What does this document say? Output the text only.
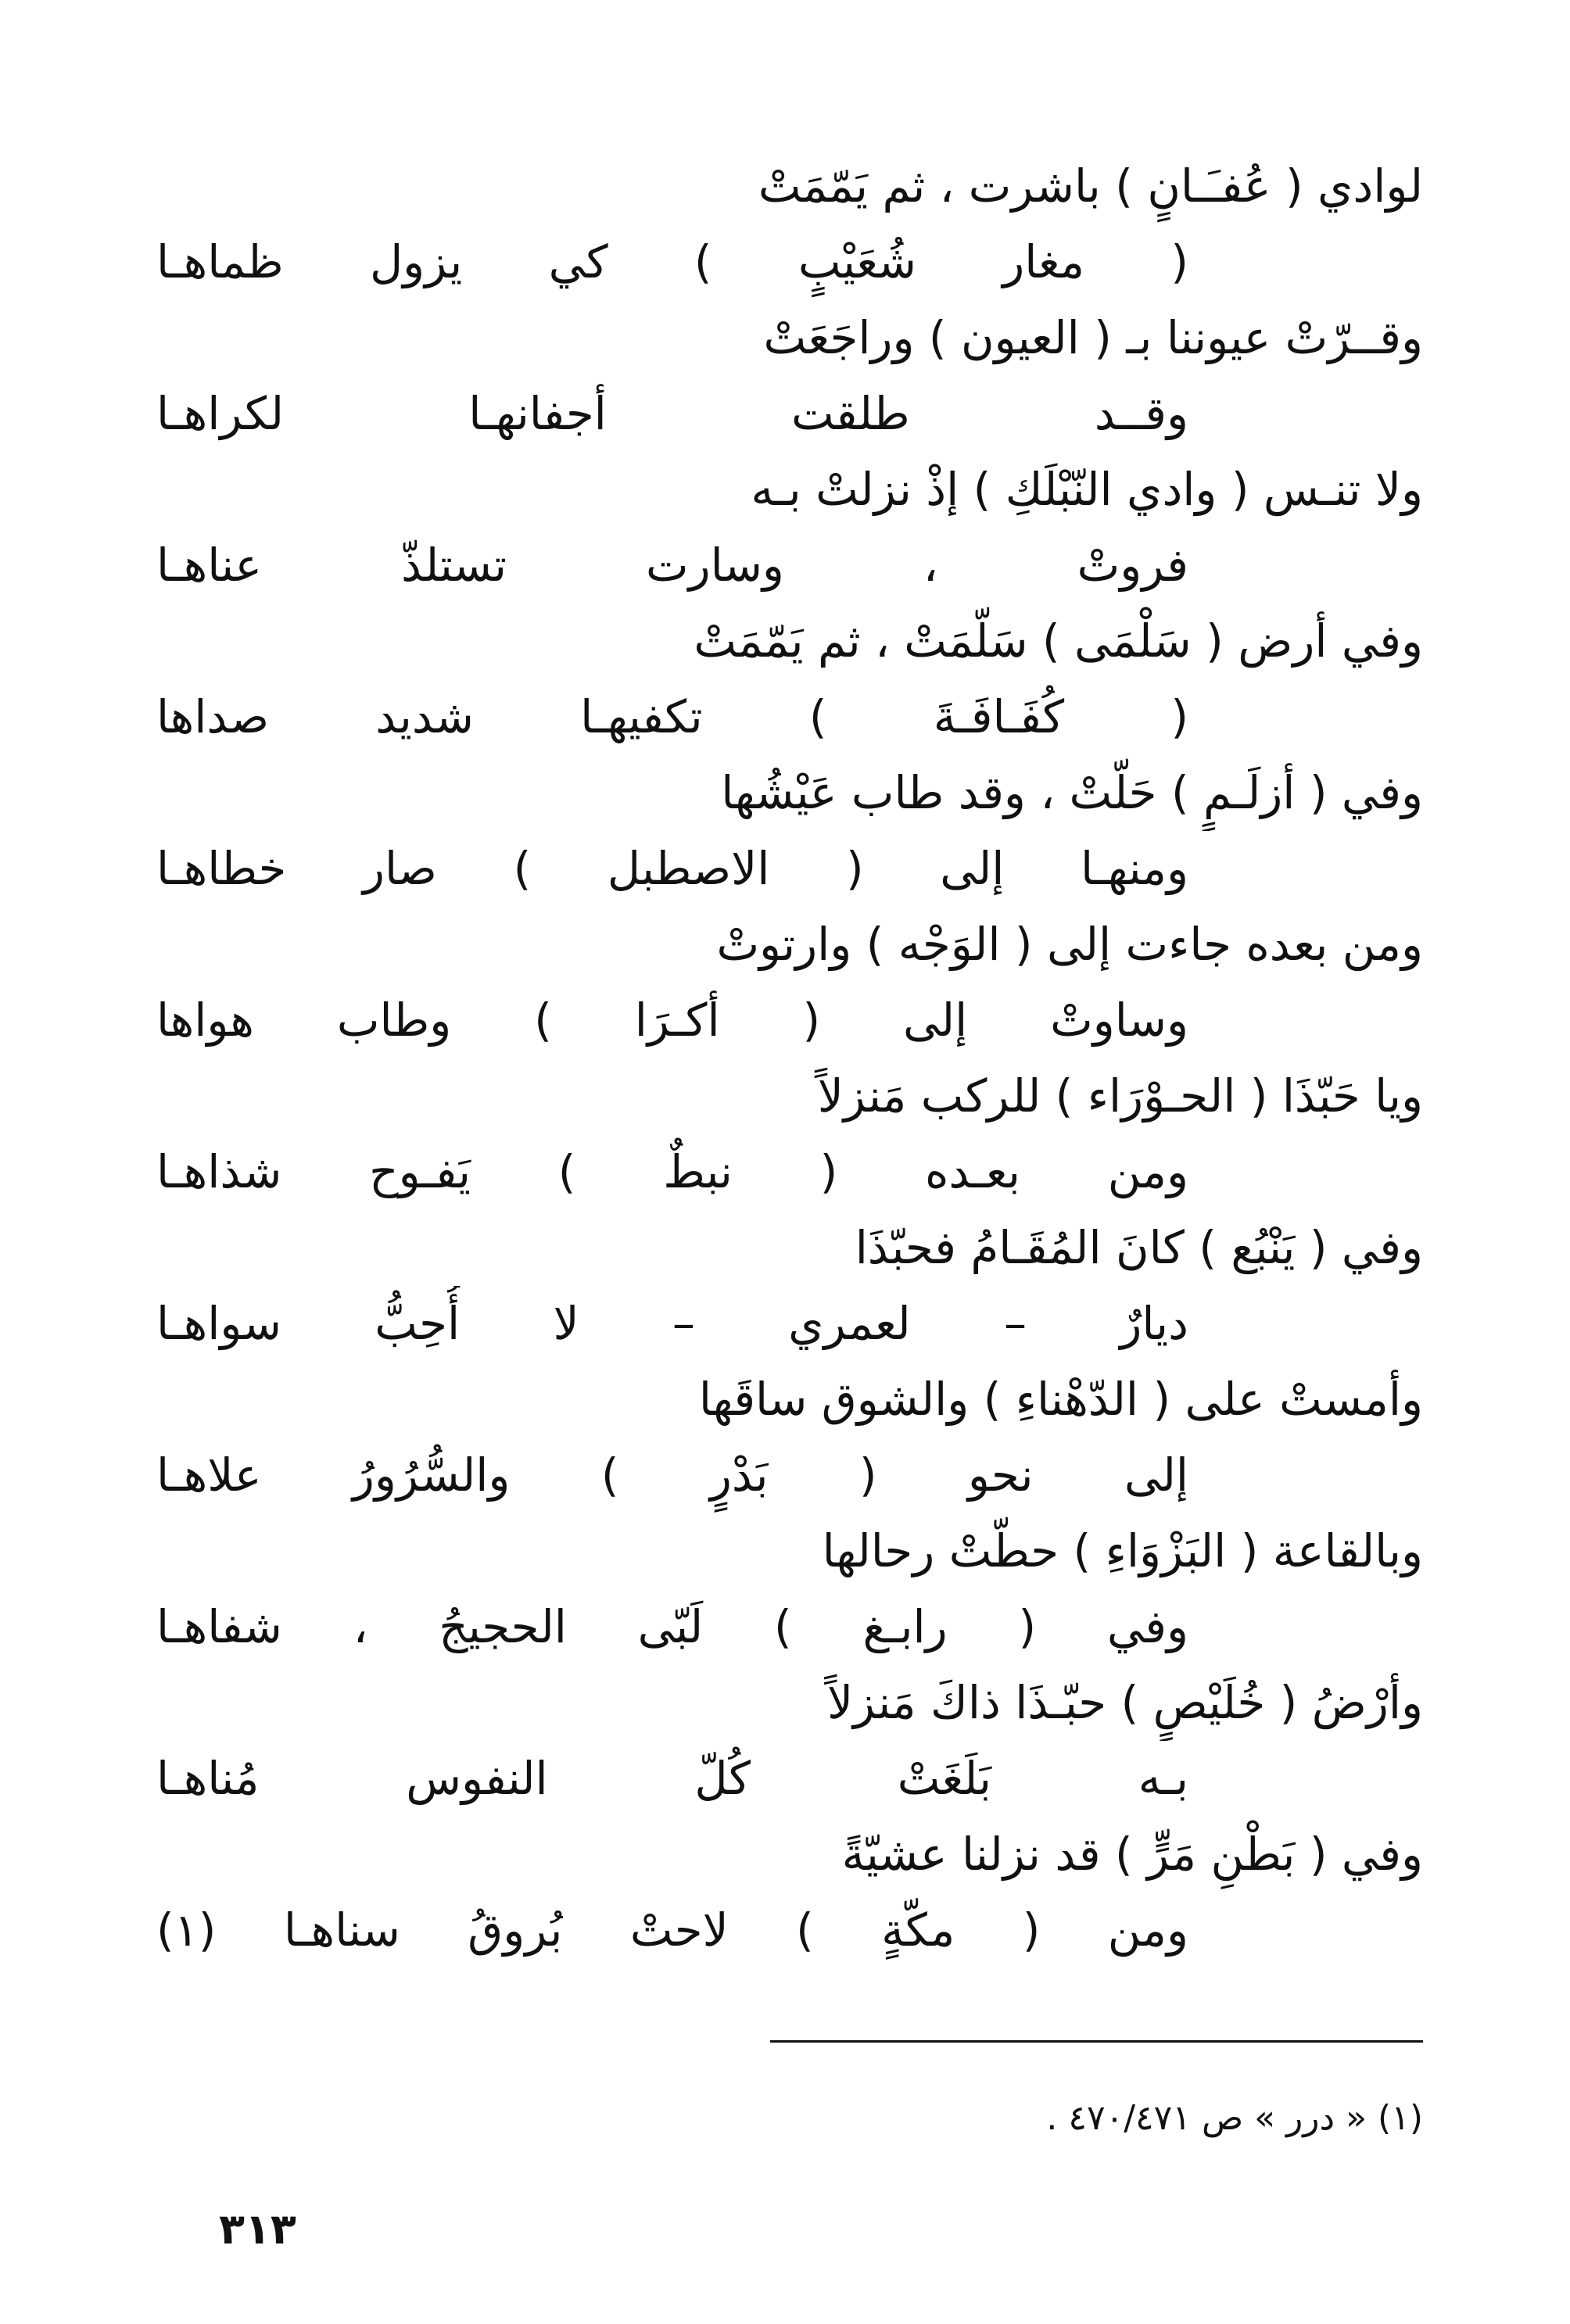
لوادي ( عُفـَـانٍ ) باشرت ، ثم يَمّمَتْ
( مغار شُعَيْبٍ ) كي يزول ظماهـا
وقــرّتْ عيوننا بـ ( العيون ) وراجَعَتْ
وقــد طلقت أجفانهـا لكراهـا
ولا تنـس ( وادي النّبْلَكِ ) إذْ نزلتْ بـه
فروتْ ، وسارت تستلذّ عناهـا
وفي أرض ( سَلْمَى ) سَلّمَتْ ، ثم يَمّمَتْ
( كُفَـافَـةَ ) تكفيهـا شديد صداها
وفي ( أزلَـمٍ ) حَلّتْ ، وقد طاب عَيْشُها
ومنهـا إلى ( الاصطبل ) صار خطاهـا
ومن بعده جاءت إلى ( الوَجْه ) وارتوتْ
وساوتْ إلى ( أكـرَا ) وطاب هواها
ويا حَبّذَا ( الحـوْرَاء ) للركب مَنزلاً
ومن بعـده ( نبطٌ ) يَفـوح شذاهـا
وفي ( يَنْبُع ) كانَ المُقَـامُ فحبّذَا
ديارٌ – لعمري – لا أُحِبُّ سواهـا
وأمستْ على ( الدّهْناءِ ) والشوق ساقَها
إلى نحو ( بَدْرٍ ) والسُّرُورُ علاهـا
وبالقاعة ( البَزْوَاءِ ) حطّتْ رحالها
وفي ( رابـغ ) لَبّى الحجيجُ ، شفاهـا
وأرْضُ ( خُلَيْصٍ ) حبّـذَا ذاكَ مَنزلاً
بـه بَلَغَتْ كُلّ النفوس مُناهـا
وفي ( بَطْنِ مَرٍّ ) قد نزلنا عشيّةً
ومن ( مكّةٍ ) لاحتْ بُروقُ سناهـا (١)
(١) « درر » ص ٤٧٠/٤٧١ .
٣١٣
